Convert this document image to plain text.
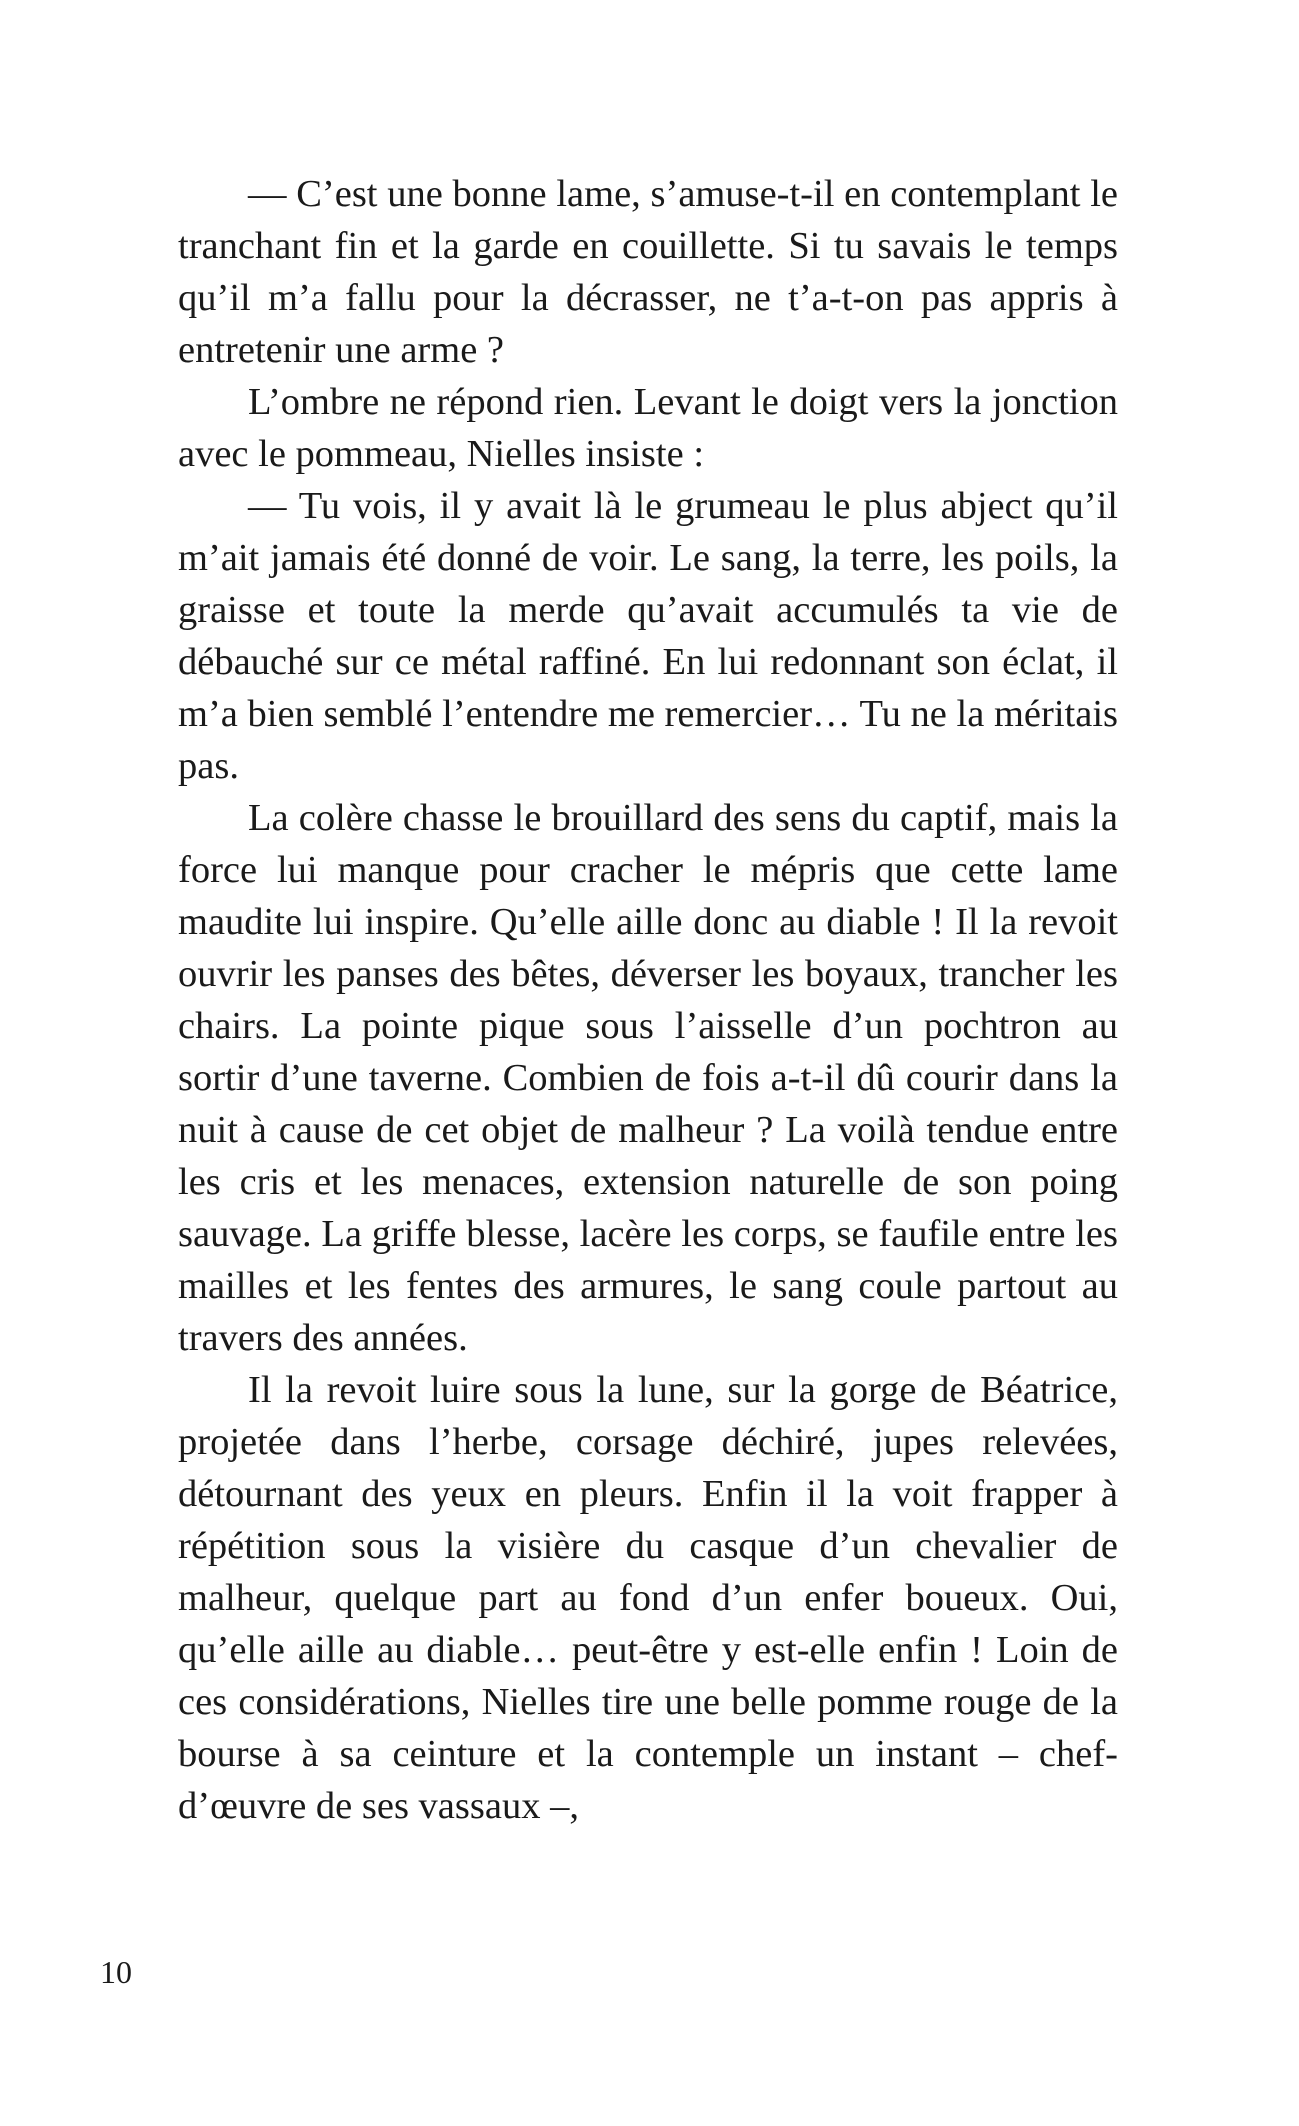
— C’est une bonne lame, s’amuse-t-il en contemplant le tranchant fin et la garde en couillette. Si tu savais le temps qu’il m’a fallu pour la décrasser, ne t’a-t-on pas appris à entretenir une arme ?

L’ombre ne répond rien. Levant le doigt vers la jonction avec le pommeau, Nielles insiste :

— Tu vois, il y avait là le grumeau le plus abject qu’il m’ait jamais été donné de voir. Le sang, la terre, les poils, la graisse et toute la merde qu’avait accumulés ta vie de débauché sur ce métal raffiné. En lui redonnant son éclat, il m’a bien semblé l’entendre me remercier… Tu ne la méritais pas.

La colère chasse le brouillard des sens du captif, mais la force lui manque pour cracher le mépris que cette lame maudite lui inspire. Qu’elle aille donc au diable ! Il la revoit ouvrir les panses des bêtes, déverser les boyaux, trancher les chairs. La pointe pique sous l’aisselle d’un pochtron au sortir d’une taverne. Combien de fois a-t-il dû courir dans la nuit à cause de cet objet de malheur ? La voilà tendue entre les cris et les menaces, extension naturelle de son poing sauvage. La griffe blesse, lacère les corps, se faufile entre les mailles et les fentes des armures, le sang coule partout au travers des années.

Il la revoit luire sous la lune, sur la gorge de Béatrice, projetée dans l’herbe, corsage déchiré, jupes relevées, détournant des yeux en pleurs. Enfin il la voit frapper à répétition sous la visière du casque d’un chevalier de malheur, quelque part au fond d’un enfer boueux. Oui, qu’elle aille au diable… peut-être y est-elle enfin ! Loin de ces considérations, Nielles tire une belle pomme rouge de la bourse à sa ceinture et la contemple un instant – chef-d’œuvre de ses vassaux –,

10
